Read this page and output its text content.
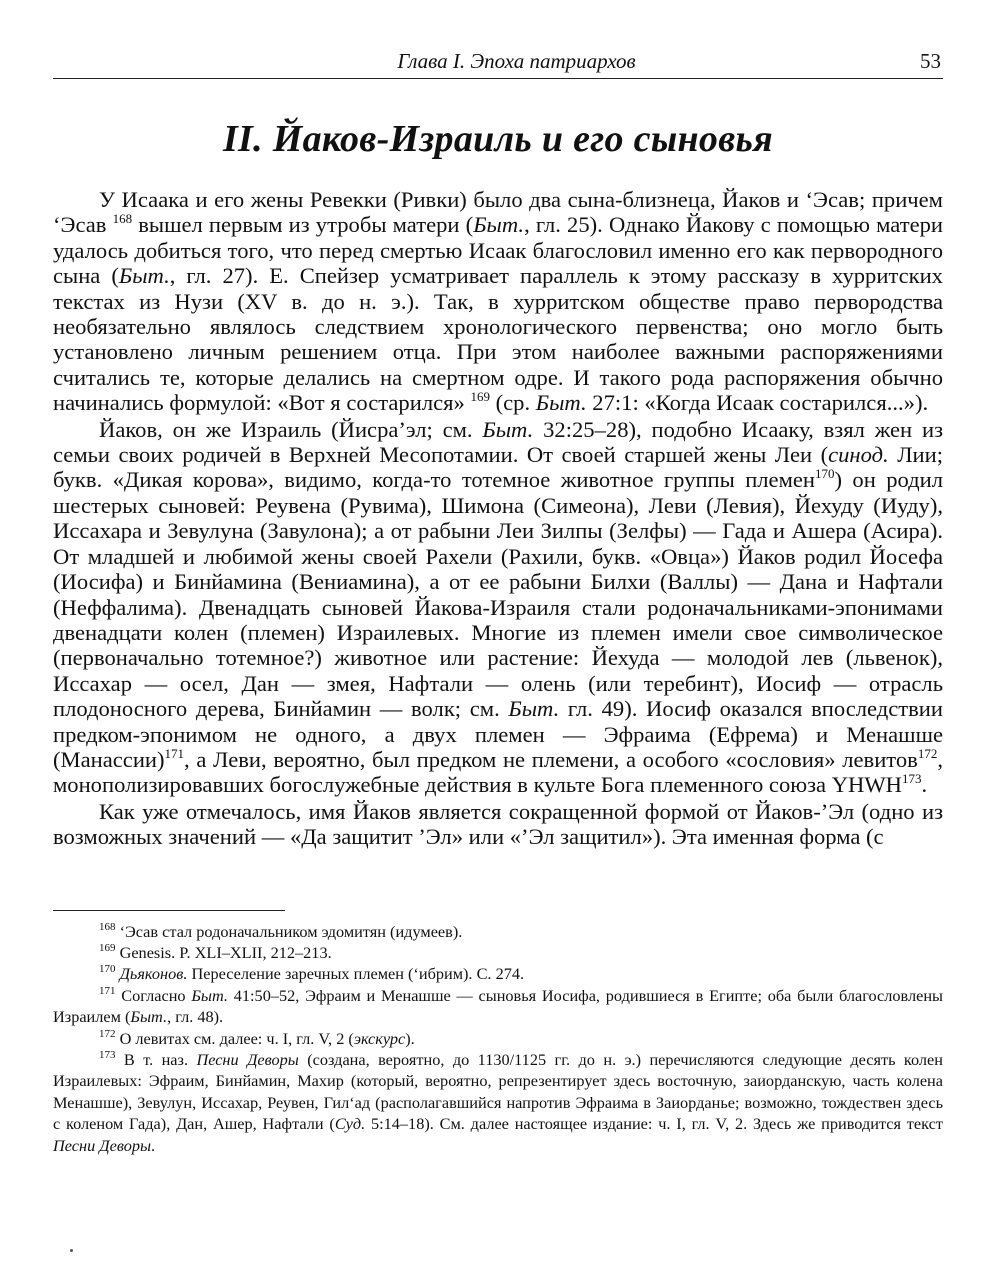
Глава I. Эпоха патриархов	53
II. Йаков-Израиль и его сыновья

У Исаака и его жены Ревекки (Ривки) было два сына-близнеца, Йаков и ‘Эсав; причем ‘Эсав $^{168}$ вышел первым из утробы матери (Быт., гл. 25). Однако Йакову с помощью матери удалось добиться того, что перед смертью Исаак благословил именно его как первородного сына (Быт., гл. 27). Е. Спейзер усматривает параллель к этому рассказу в хурритских текстах из Нузи (XV в. до н. э.). Так, в хурритском обществе право первородства необязательно являлось следствием хронологического первенства; оно могло быть установлено личным решением отца. При этом наиболее важными распоряжениями считались те, которые делались на смертном одре. И такого рода распоряжения обычно начинались формулой: «Вот я состарился» $^{169}$ (ср. Быт. 27:1: «Когда Исаак состарился...»).

Йаков, он же Израиль (Йисра’эл; см. Быт. 32:25–28), подобно Исааку, взял жен из семьи своих родичей в Верхней Месопотамии. От своей старшей жены Леи (синод. Лии; букв. «Дикая корова», видимо, когда-то тотемное животное группы племен$^{170}$) он родил шестерых сыновей: Реувена (Рувима), Шимона (Симеона), Леви (Левия), Йехуду (Иуду), Иссахара и Зевулуна (Завулона); а от рабыни Леи Зилпы (Зелфы) — Гада и Ашера (Асира). От младшей и любимой жены своей Рахели (Рахили, букв. «Овца») Йаков родил Йосефа (Иосифа) и Бинйамина (Вениамина), а от ее рабыни Билхи (Валлы) — Дана и Нафтали (Неффалима). Двенадцать сыновей Йакова-Израиля стали родоначальниками-эпонимами двенадцати колен (племен) Израилевых. Многие из племен имели свое символическое (первоначально тотемное?) животное или растение: Йехуда — молодой лев (львенок), Иссахар — осел, Дан — змея, Нафтали — олень (или теребинт), Иосиф — отрасль плодоносного дерева, Бинйамин — волк; см. Быт. гл. 49). Иосиф оказался впоследствии предком-эпонимом не одного, а двух племен — Эфраима (Ефрема) и Менашше (Манассии)$^{171}$, а Леви, вероятно, был предком не племени, а особого «сословия» левитов$^{172}$, монополизировавших богослужебные действия в культе Бога племенного союза YHWH$^{173}$.

Как уже отмечалось, имя Йаков является сокращенной формой от Йаков-’Эл (одно из возможных значений — «Да защитит ’Эл» или «’Эл защитил»). Эта именная форма (с

$^{168}$ ‘Эсав стал родоначальником эдомитян (идумеев).

$^{169}$ Genesis. P. XLI–XLII, 212–213.

$^{170}$ Дьяконов. Переселение заречных племен (‘ибрим). С. 274.

$^{171}$ Согласно Быт. 41:50–52, Эфраим и Менашше — сыновья Иосифа, родившиеся в Египте; оба были благословлены Израилем (Быт., гл. 48).

$^{172}$ О левитах см. далее: ч. I, гл. V, 2 (экскурс).

$^{173}$ В т. наз. Песни Деворы (создана, вероятно, до 1130/1125 гг. до н. э.) перечисляются следующие десять колен Израилевых: Эфраим, Бинйамин, Махир (который, вероятно, репрезентирует здесь восточную, заиорданскую, часть колена Менашше), Зевулун, Иссахар, Реувен, Гил‘ад (располагавшийся напротив Эфраима в Заиорданье; возможно, тождествен здесь с коленом Гада), Дан, Ашер, Нафтали (Суд. 5:14–18). См. далее настоящее издание: ч. I, гл. V, 2. Здесь же приводится текст Песни Деворы.
